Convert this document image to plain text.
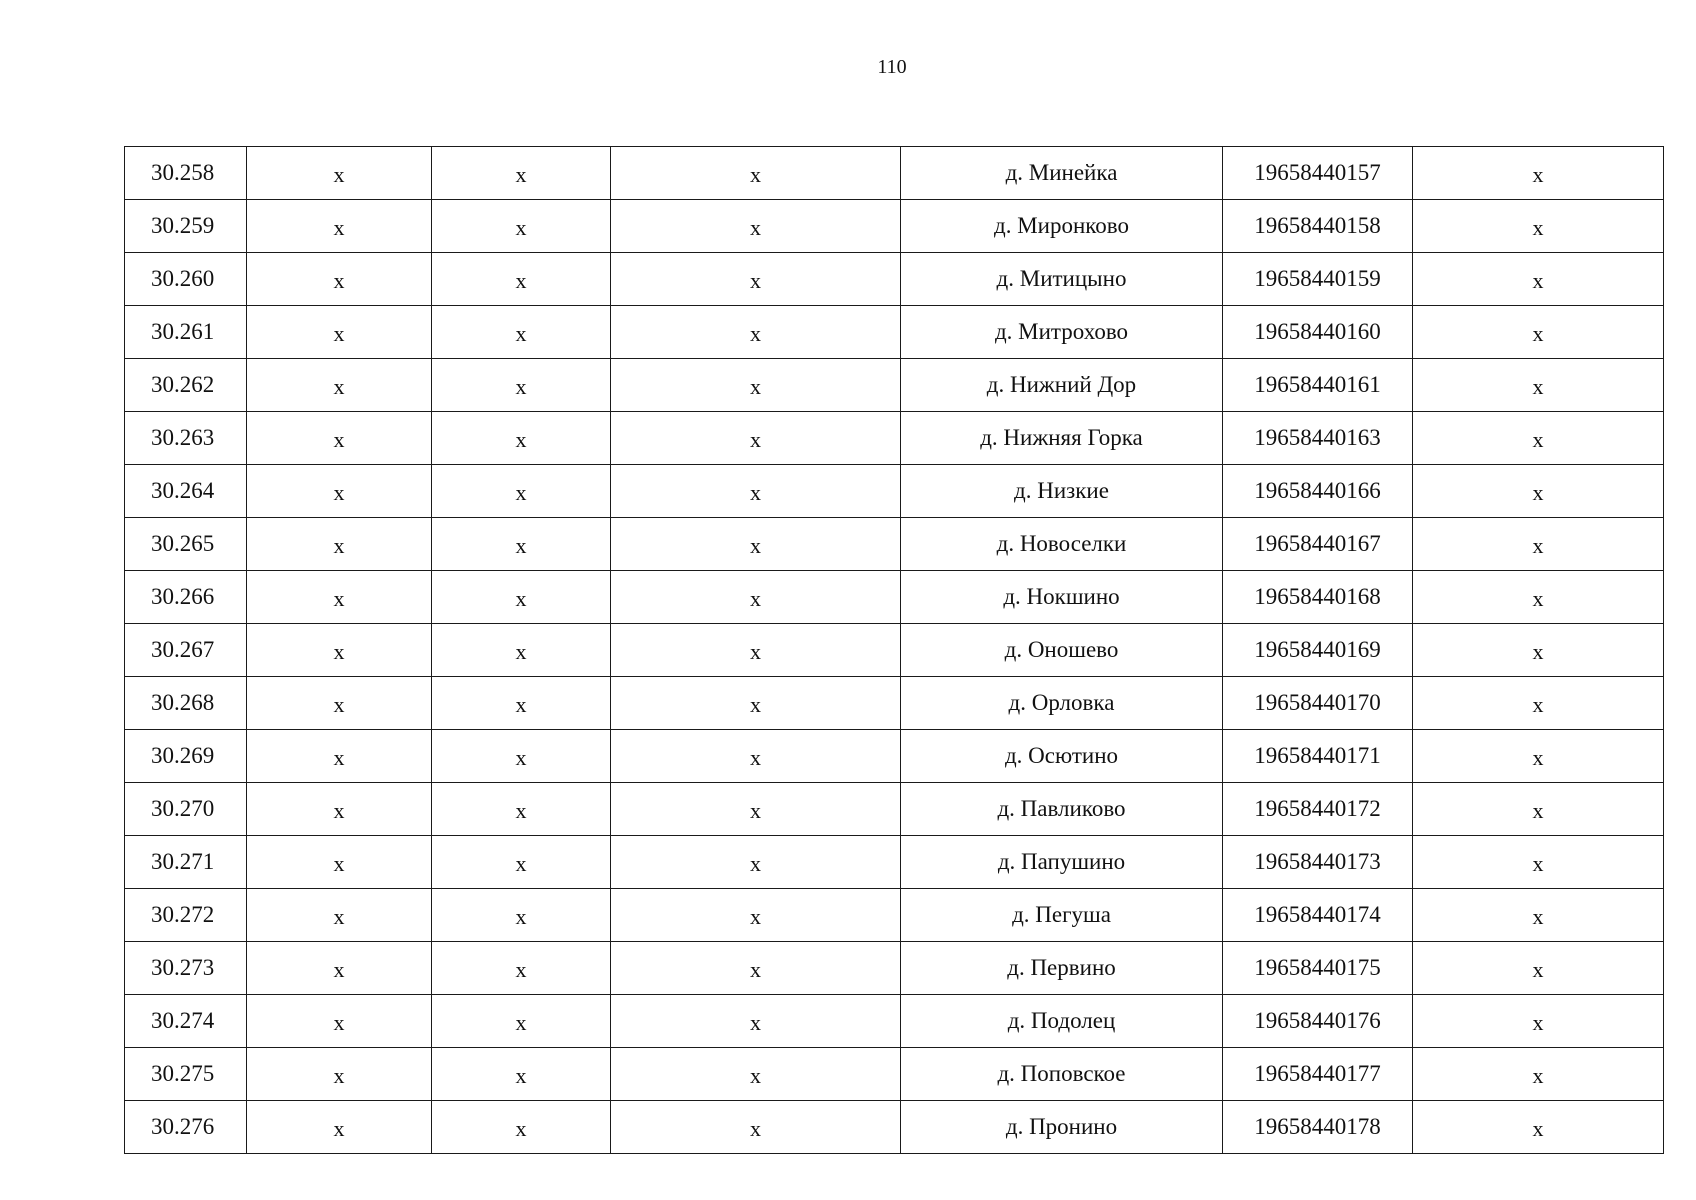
110
30.258	х	х	х	д. Минейка	19658440157	х
30.259	х	х	х	д. Миронково	19658440158	х
30.260	х	х	х	д. Митицыно	19658440159	х
30.261	х	х	х	д. Митрохово	19658440160	х
30.262	х	х	х	д. Нижний Дор	19658440161	х
30.263	х	х	х	д. Нижняя Горка	19658440163	х
30.264	х	х	х	д. Низкие	19658440166	х
30.265	х	х	х	д. Новоселки	19658440167	х
30.266	х	х	х	д. Нокшино	19658440168	х
30.267	х	х	х	д. Оношево	19658440169	х
30.268	х	х	х	д. Орловка	19658440170	х
30.269	х	х	х	д. Осютино	19658440171	х
30.270	х	х	х	д. Павликово	19658440172	х
30.271	х	х	х	д. Папушино	19658440173	х
30.272	х	х	х	д. Пегуша	19658440174	х
30.273	х	х	х	д. Первино	19658440175	х
30.274	х	х	х	д. Подолец	19658440176	х
30.275	х	х	х	д. Поповское	19658440177	х
30.276	х	х	х	д. Пронино	19658440178	х
